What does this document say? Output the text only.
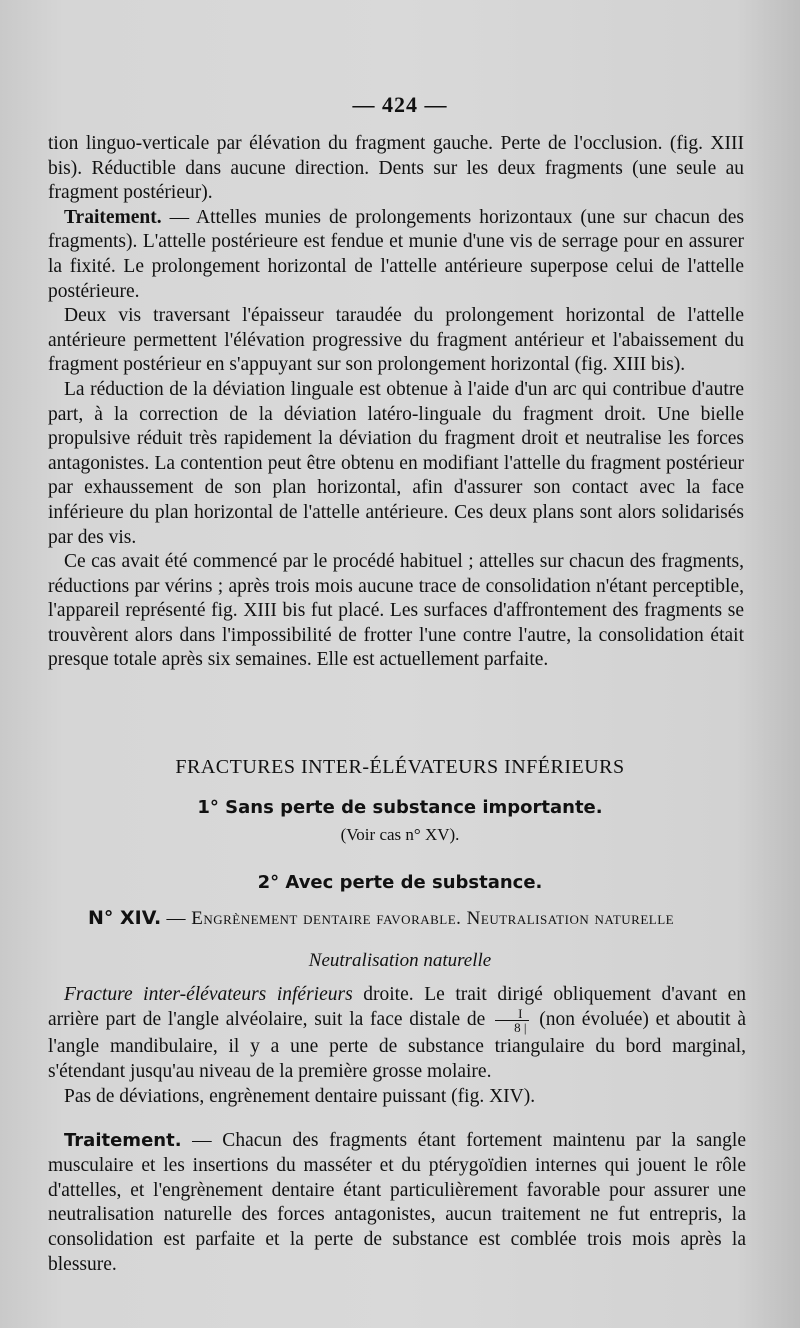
— 424 —

tion linguo-verticale par élévation du fragment gauche. Perte de l'occlusion. (fig. XIII bis). Réductible dans aucune direction. Dents sur les deux fragments (une seule au fragment postérieur).

Traitement. — Attelles munies de prolongements horizontaux (une sur chacun des fragments). L'attelle postérieure est fendue et munie d'une vis de serrage pour en assurer la fixité. Le prolongement horizontal de l'attelle antérieure superpose celui de l'attelle postérieure.

Deux vis traversant l'épaisseur taraudée du prolongement horizontal de l'attelle antérieure permettent l'élévation progressive du fragment antérieur et l'abaissement du fragment postérieur en s'appuyant sur son prolongement horizontal (fig. XIII bis).

La réduction de la déviation linguale est obtenue à l'aide d'un arc qui contribue d'autre part, à la correction de la déviation latéro-linguale du fragment droit. Une bielle propulsive réduit très rapidement la déviation du fragment droit et neutralise les forces antagonistes. La contention peut être obtenu en modifiant l'attelle du fragment postérieur par exhaussement de son plan horizontal, afin d'assurer son contact avec la face inférieure du plan horizontal de l'attelle antérieure. Ces deux plans sont alors solidarisés par des vis.

Ce cas avait été commencé par le procédé habituel ; attelles sur chacun des fragments, réductions par vérins ; après trois mois aucune trace de consolidation n'étant perceptible, l'appareil représenté fig. XIII bis fut placé. Les surfaces d'affrontement des fragments se trouvèrent alors dans l'impossibilité de frotter l'une contre l'autre, la consolidation était presque totale après six semaines. Elle est actuellement parfaite.

FRACTURES INTER-ÉLÉVATEURS INFÉRIEURS
1° Sans perte de substance importante.
(Voir cas n° XV).
2° Avec perte de substance.
N° XIV. — Engrènement dentaire favorable. Neutralisation naturelle
Neutralisation naturelle

Fracture inter-élévateurs inférieurs droite. Le trait dirigé obliquement d'avant en arrière part de l'angle alvéolaire, suit la face distale de $\frac{I}{8 |} (non$ évoluée) et aboutit à l'angle mandibulaire, il y a une perte de substance triangulaire du bord marginal, s'étendant jusqu'au niveau de la première grosse molaire.

Pas de déviations, engrènement dentaire puissant (fig. XIV).

Traitement. — Chacun des fragments étant fortement maintenu par la sangle musculaire et les insertions du masséter et du ptérygoïdien internes qui jouent le rôle d'attelles, et l'engrènement dentaire étant particulièrement favorable pour assurer une neutralisation naturelle des forces antagonistes, aucun traitement ne fut entrepris, la consolidation est parfaite et la perte de substance est comblée trois mois après la blessure.
